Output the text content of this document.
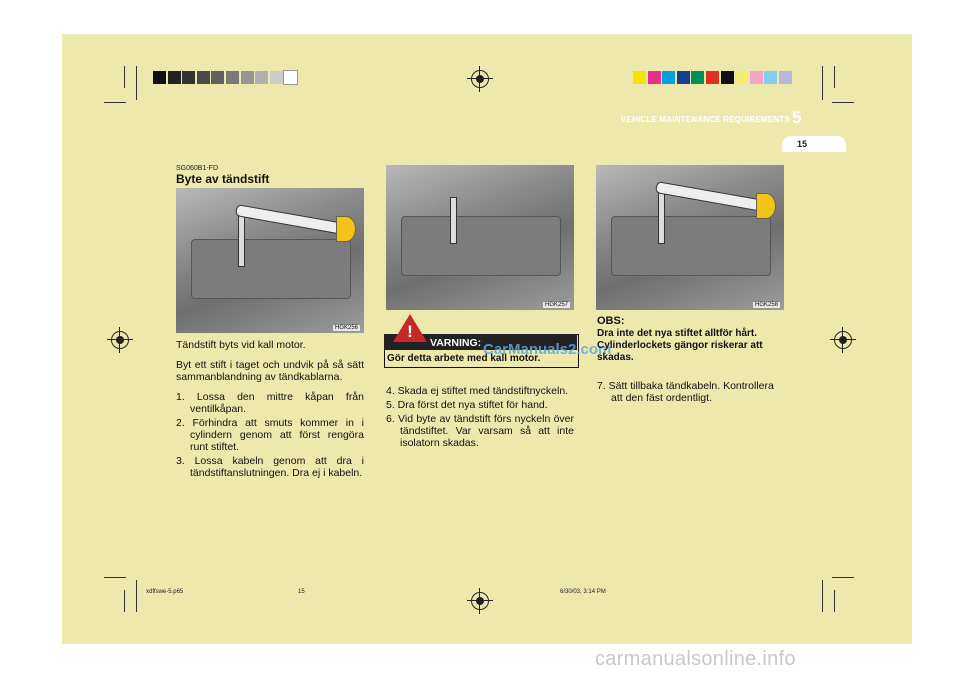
VEHICLE MAINTENANCE REQUIREMENTS 5
15
SG060B1-FD
Byte av tändstift
HGK256

Tändstift byts vid kall motor.

Byt ett stift i taget och undvik på så sätt sammanblandning av tändkablarna.

1. Lossa den mittre kåpan från ventilkåpan.
2. Förhindra att smuts kommer in i cylindern genom att först rengöra runt stiftet.
3. Lossa kabeln genom att dra i tändstiftanslutningen. Dra ej i kabeln.
HGK257
!
VARNING:
Gör detta arbete med kall motor.
CarManuals2.com
4. Skada ej stiftet med tändstiftnyckeln.
5. Dra först det nya stiftet för hand.
6. Vid byte av tändstift förs nyckeln över tändstiftet. Var varsam så att inte isolatorn skadas.
HGK258
OBS:
Dra inte det nya stiftet alltför hårt. Cylinderlockets gängor riskerar att skadas.
7. Sätt tillbaka tändkabeln. Kontrollera att den fäst ordentligt.
xdffswe-5.p65	15	6/30/03, 3:14 PM
carmanualsonline.info
